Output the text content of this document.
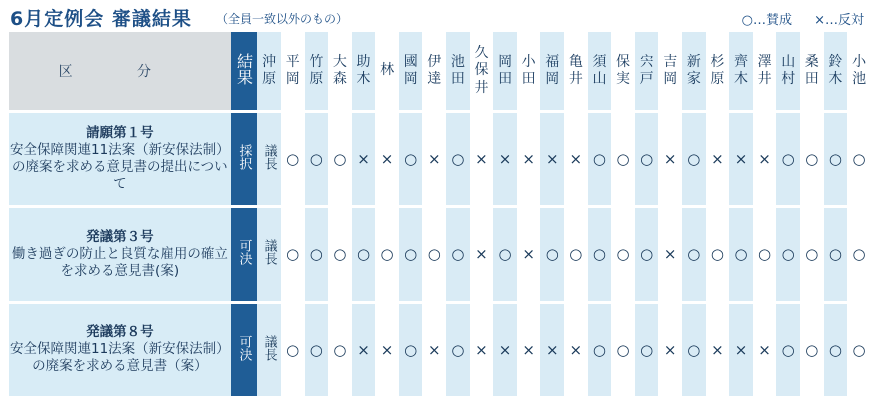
6月定例会 審議結果 （全員一致以外のもの）	○…賛成 ×…反対
区 分	結果	沖原	平岡	竹原	大森	助木	林	國岡	伊達	池田	久保井	岡田	小田	福岡	亀井	須山	保実	宍戸	吉岡	新家	杉原	齊木	澤井	山村	桑田	鈴木	小池

請願第１号
安全保障関連11法案（新安保法制）の廃案を求める意見書の提出について	採択	議長	○	○	○	×	×	○	×	○	×	×	×	×	×	○	○	○	×	○	×	×	×	○	○	○	○

発議第３号
働き過ぎの防止と良質な雇用の確立を求める意見書(案)	可決	議長	○	○	○	○	○	○	○	○	×	○	×	○	○	○	○	○	×	○	○	○	○	○	○	○	○

発議第８号
安全保障関連11法案（新安保法制）の廃案を求める意見書（案）	可決	議長	○	○	○	×	×	○	×	○	×	×	×	×	×	○	○	○	×	○	×	×	×	○	○	○	○
